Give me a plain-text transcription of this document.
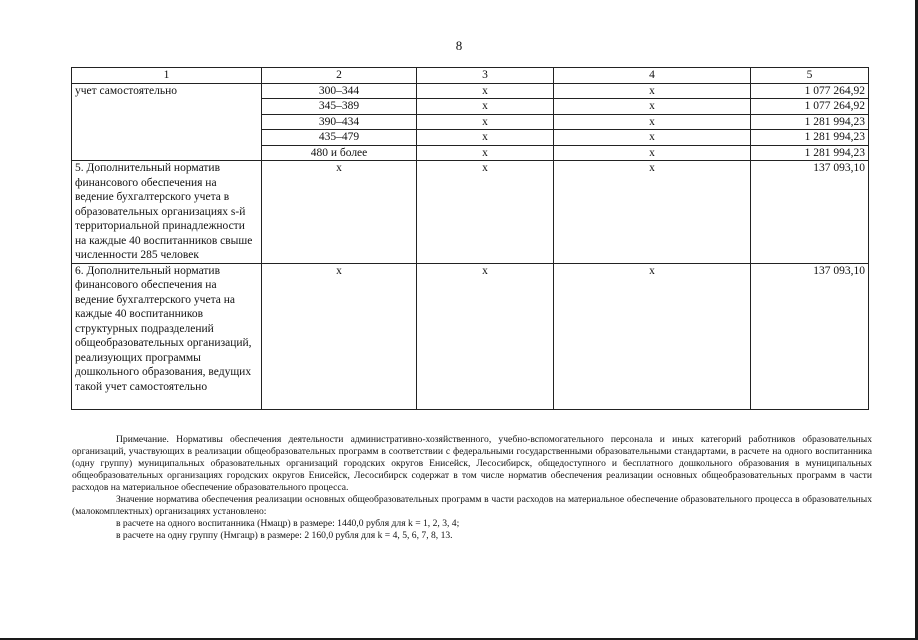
8
1	2	3	4	5
учет самостоятельно	300–344	х	х	1 077 264,92
	345–389	х	х	1 077 264,92
	390–434	х	х	1 281 994,23
	435–479	х	х	1 281 994,23
	480 и более	х	х	1 281 994,23
5. Дополнительный норматив финансового обеспечения на ведение бухгалтерского учета в образовательных организациях s-й территориальной принадлежности на каждые 40 воспитанников свыше численности 285 человек	х	х	х	137 093,10
6. Дополнительный норматив финансового обеспечения на ведение бухгалтерского учета на каждые 40 воспитанников структурных подразделений общеобразовательных организаций, реализующих программы дошкольного образования, ведущих такой учет самостоятельно	х	х	х	137 093,10

Примечание. Нормативы обеспечения деятельности административно-хозяйственного, учебно-вспомогательного персонала и иных категорий работников образовательных организаций, участвующих в реализации общеобразовательных программ в соответствии с федеральными государственными образовательными стандартами, в расчете на одного воспитанника (одну группу) муниципальных образовательных организаций городских округов Енисейск, Лесосибирск, общедоступного и бесплатного дошкольного образования в муниципальных общеобразовательных организациях городских округов Енисейск, Лесосибирск содержат в том числе норматив обеспечения реализации основных общеобразовательных программ в части расходов на материальное обеспечение образовательного процесса.

Значение норматива обеспечения реализации основных общеобразовательных программ в части расходов на материальное обеспечение образовательного процесса в образовательных (малокомплектных) организациях установлено:

в расчете на одного воспитанника (Нмацр) в размере: 1440,0 рубля для k = 1, 2, 3, 4;

в расчете на одну группу (Нмгацр) в размере: 2 160,0 рубля для k = 4, 5, 6, 7, 8, 13.
